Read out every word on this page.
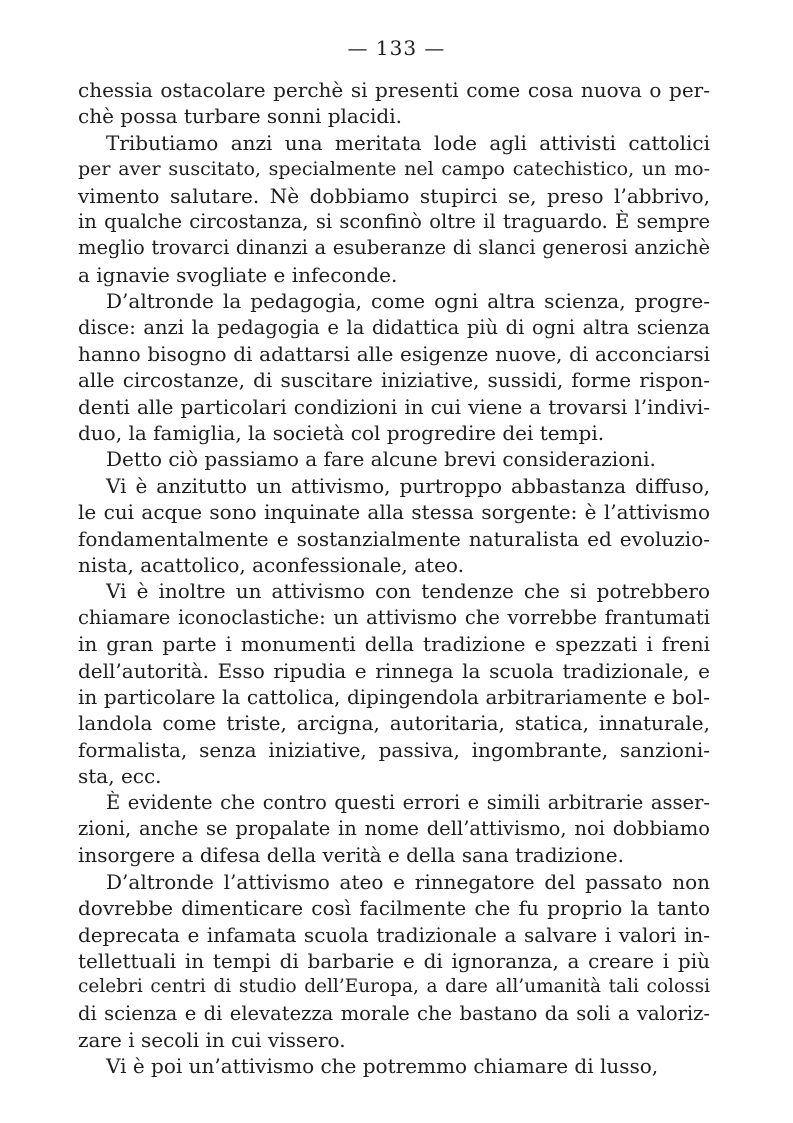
— 133 —
chessia ostacolare perchè si presenti come cosa nuova o per-
chè possa turbare sonni placidi.
Tributiamo anzi una meritata lode agli attivisti cattolici
per aver suscitato, specialmente nel campo catechistico, un mo-
vimento salutare. Nè dobbiamo stupirci se, preso l’abbrivo,
in qualche circostanza, si sconfinò oltre il traguardo. È sempre
meglio trovarci dinanzi a esuberanze di slanci generosi anzichè
a ignavie svogliate e infeconde.
D’altronde la pedagogia, come ogni altra scienza, progre-
disce: anzi la pedagogia e la didattica più di ogni altra scienza
hanno bisogno di adattarsi alle esigenze nuove, di acconciarsi
alle circostanze, di suscitare iniziative, sussidi, forme rispon-
denti alle particolari condizioni in cui viene a trovarsi l’indivi-
duo, la famiglia, la società col progredire dei tempi.
Detto ciò passiamo a fare alcune brevi considerazioni.
Vi è anzitutto un attivismo, purtroppo abbastanza diffuso,
le cui acque sono inquinate alla stessa sorgente: è l’attivismo
fondamentalmente e sostanzialmente naturalista ed evoluzio-
nista, acattolico, aconfessionale, ateo.
Vi è inoltre un attivismo con tendenze che si potrebbero
chiamare iconoclastiche: un attivismo che vorrebbe frantumati
in gran parte i monumenti della tradizione e spezzati i freni
dell’autorità. Esso ripudia e rinnega la scuola tradizionale, e
in particolare la cattolica, dipingendola arbitrariamente e bol-
landola come triste, arcigna, autoritaria, statica, innaturale,
formalista, senza iniziative, passiva, ingombrante, sanzioni-
sta, ecc.
È evidente che contro questi errori e simili arbitrarie asser-
zioni, anche se propalate in nome dell’attivismo, noi dobbiamo
insorgere a difesa della verità e della sana tradizione.
D’altronde l’attivismo ateo e rinnegatore del passato non
dovrebbe dimenticare così facilmente che fu proprio la tanto
deprecata e infamata scuola tradizionale a salvare i valori in-
tellettuali in tempi di barbarie e di ignoranza, a creare i più
celebri centri di studio dell’Europa, a dare all’umanità tali colossi
di scienza e di elevatezza morale che bastano da soli a valoriz-
zare i secoli in cui vissero.
Vi è poi un’attivismo che potremmo chiamare di lusso,
